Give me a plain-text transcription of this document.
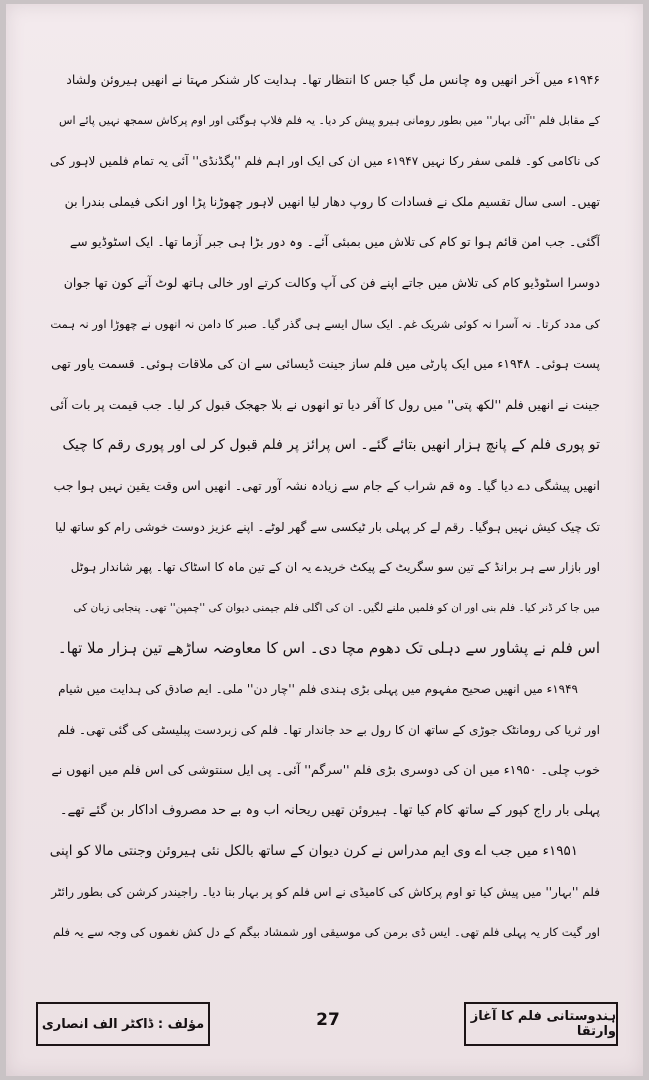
۱۹۴۶ء میں آخر انھیں وہ چانس مل گیا جس کا انتظار تھا۔ ہدایت کار شنکر مہتا نے انھیں ہیروئن ولشاد
کے مقابل فلم ''آئی بہار'' میں بطور رومانی ہیرو پیش کر دیا۔ یہ فلم فلاپ ہوگئی اور اوم پرکاش سمجھ نہیں پائے اس
کی ناکامی کو۔ فلمی سفر رکا نہیں ۱۹۴۷ء میں ان کی ایک اور اہم فلم ''پگڈنڈی'' آئی یہ تمام فلمیں لاہور کی
تھیں۔ اسی سال تقسیم ملک نے فسادات کا روپ دھار لیا انھیں لاہور چھوڑنا پڑا اور انکی فیملی بندرا بن
آگئی۔ جب امن قائم ہوا تو کام کی تلاش میں بمبئی آئے۔ وہ دور بڑا ہی جبر آزما تھا۔ ایک اسٹوڈیو سے
دوسرا اسٹوڈیو کام کی تلاش میں جاتے اپنے فن کی آپ وکالت کرتے اور خالی ہاتھ لوٹ آتے کون تھا جوان
کی مدد کرتا۔ نہ آسرا نہ کوئی شریک غم۔ ایک سال ایسے ہی گذر گیا۔ صبر کا دامن نہ انھوں نے چھوڑا اور نہ ہمت
پست ہوئی۔ ۱۹۴۸ء میں ایک پارٹی میں فلم ساز جینت ڈیسائی سے ان کی ملاقات ہوئی۔ قسمت یاور تھی
جینت نے انھیں فلم ''لکھ پتی'' میں رول کا آفر دیا تو انھوں نے بلا جھجک قبول کر لیا۔ جب قیمت پر بات آئی
تو پوری فلم کے پانچ ہزار انھیں بتائے گئے۔ اس پرائز پر فلم قبول کر لی اور پوری رقم کا چیک
انھیں پیشگی دے دیا گیا۔ وہ قم شراب کے جام سے زیادہ نشہ آور تھی۔ انھیں اس وقت یقین نہیں ہوا جب
تک چیک کیش نہیں ہوگیا۔ رقم لے کر پہلی بار ٹیکسی سے گھر لوٹے۔ اپنے عزیز دوست خوشی رام کو ساتھ لیا
اور بازار سے ہر برانڈ کے تین سو سگریٹ کے پیکٹ خریدے یہ ان کے تین ماہ کا اسٹاک تھا۔ پھر شاندار ہوٹل
میں جا کر ڈنر کیا۔ فلم بنی اور ان کو فلمیں ملنے لگیں۔ ان کی اگلی فلم جیمنی دیوان کی ''چمپن'' تھی۔ پنجابی زبان کی
اس فلم نے پشاور سے دہلی تک دھوم مچا دی۔ اس کا معاوضہ ساڑھے تین ہزار ملا تھا۔
۱۹۴۹ء میں انھیں صحیح مفہوم میں پہلی بڑی ہندی فلم ''چار دن'' ملی۔ ایم صادق کی ہدایت میں شیام
اور ثریا کی رومانٹک جوڑی کے ساتھ ان کا رول بے حد جاندار تھا۔ فلم کی زبردست پبلیسٹی کی گئی تھی۔ فلم
خوب چلی۔ ۱۹۵۰ء میں ان کی دوسری بڑی فلم ''سرگم'' آئی۔ پی ایل سنتوشی کی اس فلم میں انھوں نے
پہلی بار راج کپور کے ساتھ کام کیا تھا۔ ہیروئن تھیں ریحانہ اب وہ بے حد مصروف اداکار بن گئے تھے۔
۱۹۵۱ء میں جب اے وی ایم مدراس نے کرن دیوان کے ساتھ بالکل نئی ہیروئن وجنتی مالا کو اپنی
فلم ''بہار'' میں پیش کیا تو اوم پرکاش کی کامیڈی نے اس فلم کو پر بہار بنا دیا۔ راجیندر کرشن کی بطور رائٹر
اور گیت کار یہ پہلی فلم تھی۔ ایس ڈی برمن کی موسیقی اور شمشاد بیگم کے دل کش نغموں کی وجہ سے یہ فلم
ہندوستانی فلم کا آغاز وارتقا
27
مؤلف : ڈاکٹر الف انصاری
